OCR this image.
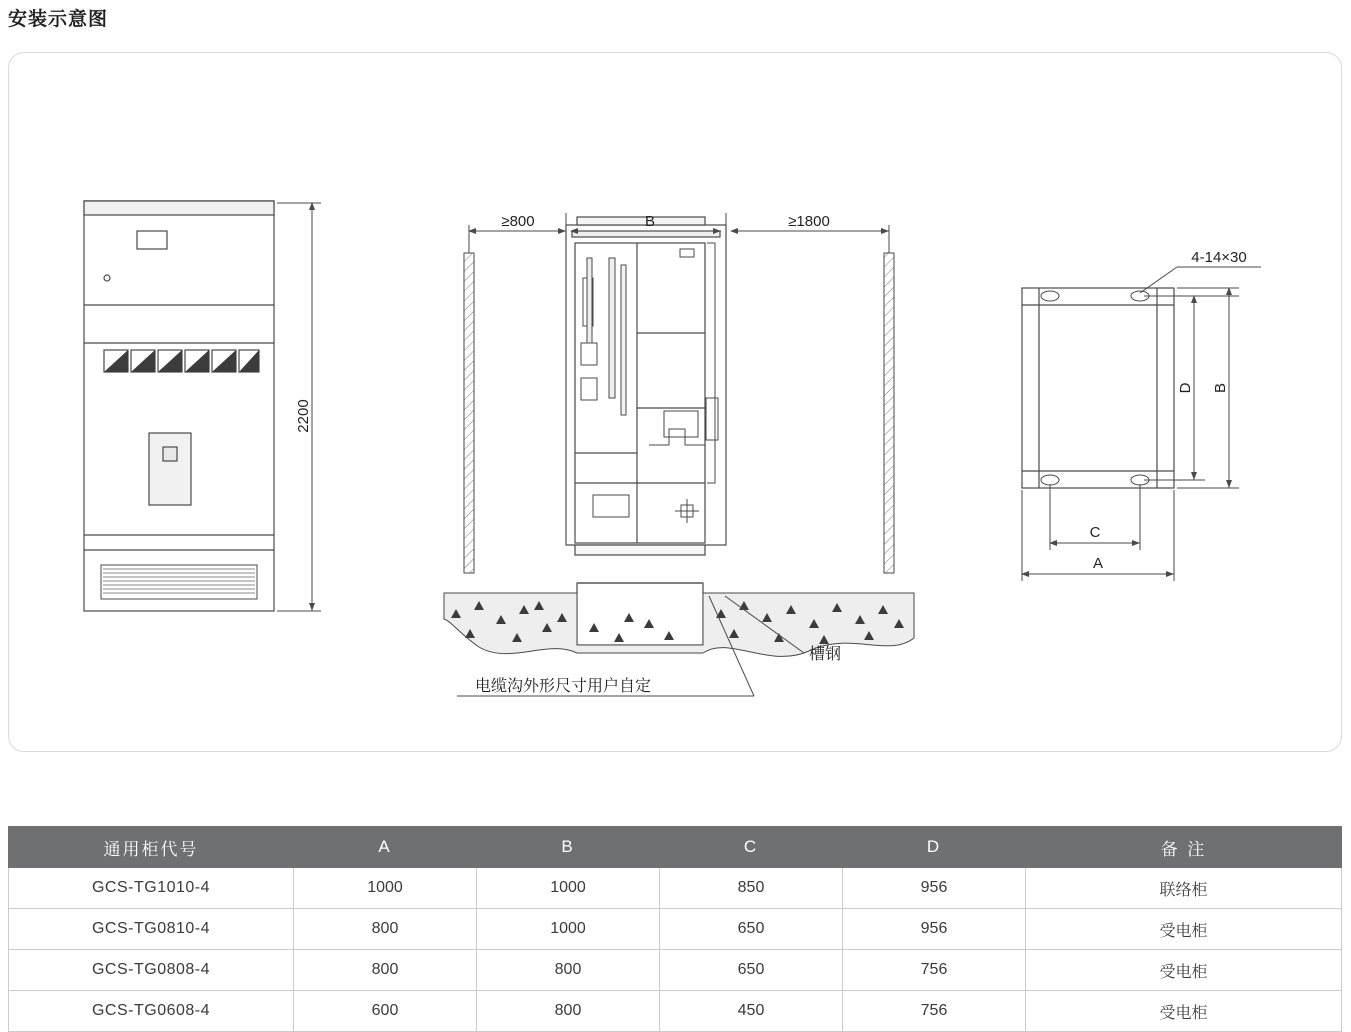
安装示意图
2200
≥800	B	≥1800
电缆沟外形尺寸用户自定
槽钢
4-14×30
D B
C
A
通用柜代号	A	B	C	D	备 注
GCS-TG1010-4	1000	1000	850	956	联络柜
GCS-TG0810-4	800	1000	650	956	受电柜
GCS-TG0808-4	800	800	650	756	受电柜
GCS-TG0608-4	600	800	450	756	受电柜
